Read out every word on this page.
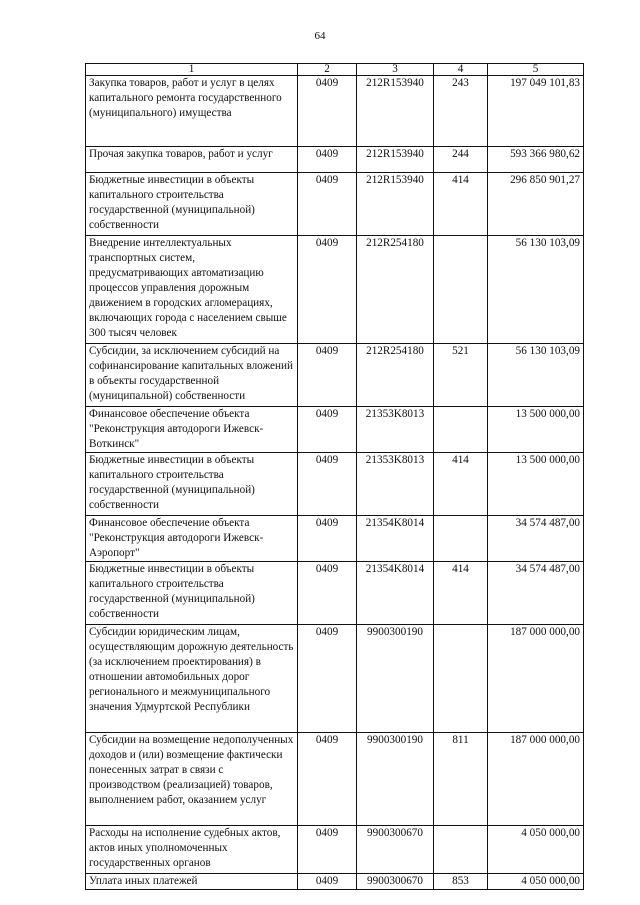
64
1	2	3	4	5
Закупка товаров, работ и услуг в целях капитального ремонта государственного (муниципального) имущества	0409	212R153940	243	197 049 101,83
Прочая закупка товаров, работ и услуг	0409	212R153940	244	593 366 980,62
Бюджетные инвестиции в объекты капитального строительства государственной (муниципальной) собственности	0409	212R153940	414	296 850 901,27
Внедрение интеллектуальных транспортных систем, предусматривающих автоматизацию процессов управления дорожным движением в городских агломерациях, включающих города с населением свыше 300 тысяч человек	0409	212R254180		56 130 103,09
Субсидии, за исключением субсидий на софинансирование капитальных вложений в объекты государственной (муниципальной) собственности	0409	212R254180	521	56 130 103,09
Финансовое обеспечение объекта "Реконструкция автодороги Ижевск-Воткинск"	0409	21353K8013		13 500 000,00
Бюджетные инвестиции в объекты капитального строительства государственной (муниципальной) собственности	0409	21353K8013	414	13 500 000,00
Финансовое обеспечение объекта "Реконструкция автодороги Ижевск-Аэропорт"	0409	21354K8014		34 574 487,00
Бюджетные инвестиции в объекты капитального строительства государственной (муниципальной) собственности	0409	21354K8014	414	34 574 487,00
Субсидии юридическим лицам, осуществляющим дорожную деятельность (за исключением проектирования) в отношении автомобильных дорог регионального и межмуниципального значения Удмуртской Республики	0409	9900300190		187 000 000,00
Субсидии на возмещение недополученных доходов и (или) возмещение фактически понесенных затрат в связи с производством (реализацией) товаров, выполнением работ, оказанием услуг	0409	9900300190	811	187 000 000,00
Расходы на исполнение судебных актов, актов иных уполномоченных государственных органов	0409	9900300670		4 050 000,00
Уплата иных платежей	0409	9900300670	853	4 050 000,00
